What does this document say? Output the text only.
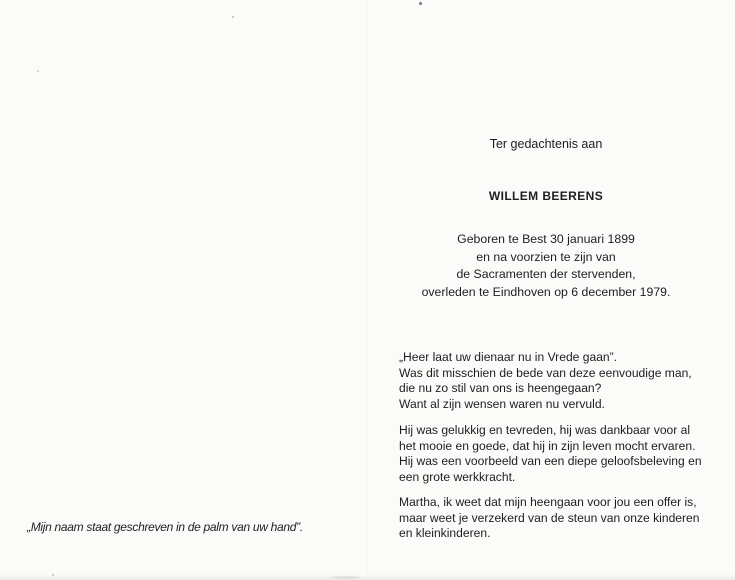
Ter gedachtenis aan
WILLEM BEERENS
Geboren te Best 30 januari 1899
en na voorzien te zijn van
de Sacramenten der stervenden,
overleden te Eindhoven op 6 december 1979.
„Heer laat uw dienaar nu in Vrede gaan”.
Was dit misschien de bede van deze eenvoudige man,
die nu zo stil van ons is heengegaan?
Want al zijn wensen waren nu vervuld.
Hij was gelukkig en tevreden, hij was dankbaar voor al
het mooie en goede, dat hij in zijn leven mocht ervaren.
Hij was een voorbeeld van een diepe geloofsbeleving en
een grote werkkracht.
Martha, ik weet dat mijn heengaan voor jou een offer is,
maar weet je verzekerd van de steun van onze kinderen
en kleinkinderen.
„Mijn naam staat geschreven in de palm van uw hand”.
